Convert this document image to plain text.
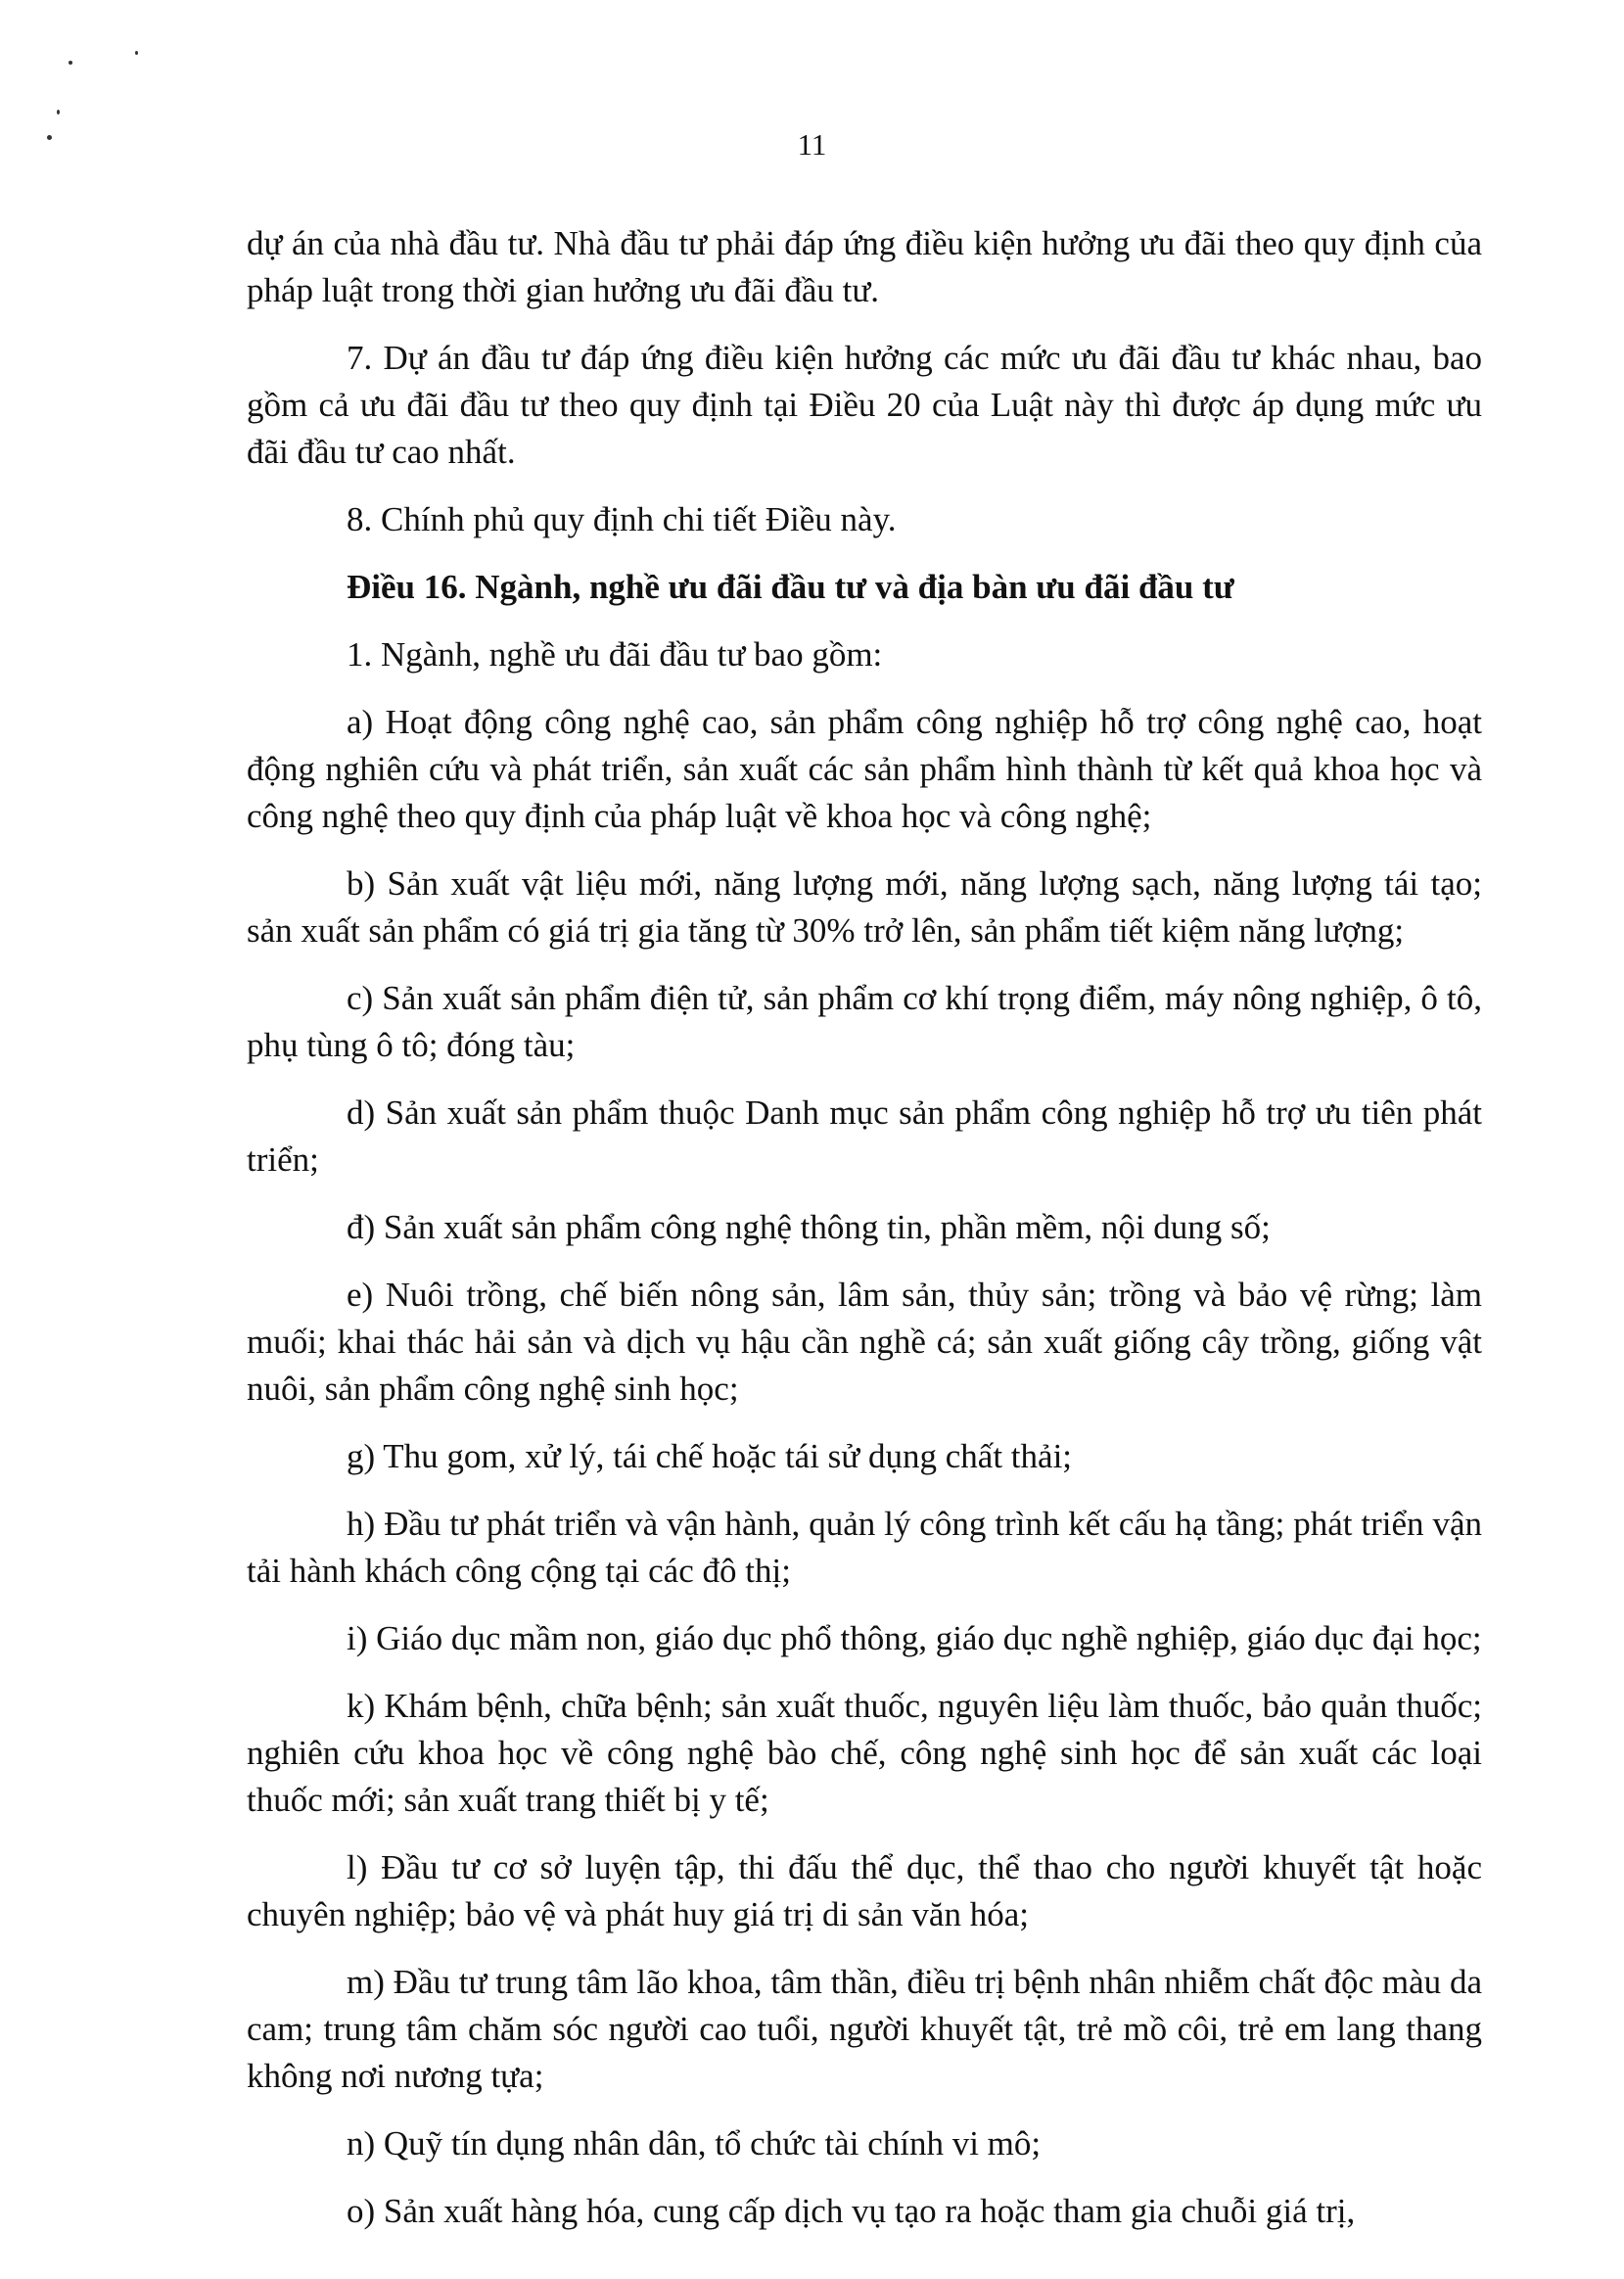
11

dự án của nhà đầu tư. Nhà đầu tư phải đáp ứng điều kiện hưởng ưu đãi theo quy định của pháp luật trong thời gian hưởng ưu đãi đầu tư.

7. Dự án đầu tư đáp ứng điều kiện hưởng các mức ưu đãi đầu tư khác nhau, bao gồm cả ưu đãi đầu tư theo quy định tại Điều 20 của Luật này thì được áp dụng mức ưu đãi đầu tư cao nhất.

8. Chính phủ quy định chi tiết Điều này.

Điều 16. Ngành, nghề ưu đãi đầu tư và địa bàn ưu đãi đầu tư

1. Ngành, nghề ưu đãi đầu tư bao gồm:

a) Hoạt động công nghệ cao, sản phẩm công nghiệp hỗ trợ công nghệ cao, hoạt động nghiên cứu và phát triển, sản xuất các sản phẩm hình thành từ kết quả khoa học và công nghệ theo quy định của pháp luật về khoa học và công nghệ;

b) Sản xuất vật liệu mới, năng lượng mới, năng lượng sạch, năng lượng tái tạo; sản xuất sản phẩm có giá trị gia tăng từ 30% trở lên, sản phẩm tiết kiệm năng lượng;

c) Sản xuất sản phẩm điện tử, sản phẩm cơ khí trọng điểm, máy nông nghiệp, ô tô, phụ tùng ô tô; đóng tàu;

d) Sản xuất sản phẩm thuộc Danh mục sản phẩm công nghiệp hỗ trợ ưu tiên phát triển;

đ) Sản xuất sản phẩm công nghệ thông tin, phần mềm, nội dung số;

e) Nuôi trồng, chế biến nông sản, lâm sản, thủy sản; trồng và bảo vệ rừng; làm muối; khai thác hải sản và dịch vụ hậu cần nghề cá; sản xuất giống cây trồng, giống vật nuôi, sản phẩm công nghệ sinh học;

g) Thu gom, xử lý, tái chế hoặc tái sử dụng chất thải;

h) Đầu tư phát triển và vận hành, quản lý công trình kết cấu hạ tầng; phát triển vận tải hành khách công cộng tại các đô thị;

i) Giáo dục mầm non, giáo dục phổ thông, giáo dục nghề nghiệp, giáo dục đại học;

k) Khám bệnh, chữa bệnh; sản xuất thuốc, nguyên liệu làm thuốc, bảo quản thuốc; nghiên cứu khoa học về công nghệ bào chế, công nghệ sinh học để sản xuất các loại thuốc mới; sản xuất trang thiết bị y tế;

l) Đầu tư cơ sở luyện tập, thi đấu thể dục, thể thao cho người khuyết tật hoặc chuyên nghiệp; bảo vệ và phát huy giá trị di sản văn hóa;

m) Đầu tư trung tâm lão khoa, tâm thần, điều trị bệnh nhân nhiễm chất độc màu da cam; trung tâm chăm sóc người cao tuổi, người khuyết tật, trẻ mồ côi, trẻ em lang thang không nơi nương tựa;

n) Quỹ tín dụng nhân dân, tổ chức tài chính vi mô;

o) Sản xuất hàng hóa, cung cấp dịch vụ tạo ra hoặc tham gia chuỗi giá trị,
